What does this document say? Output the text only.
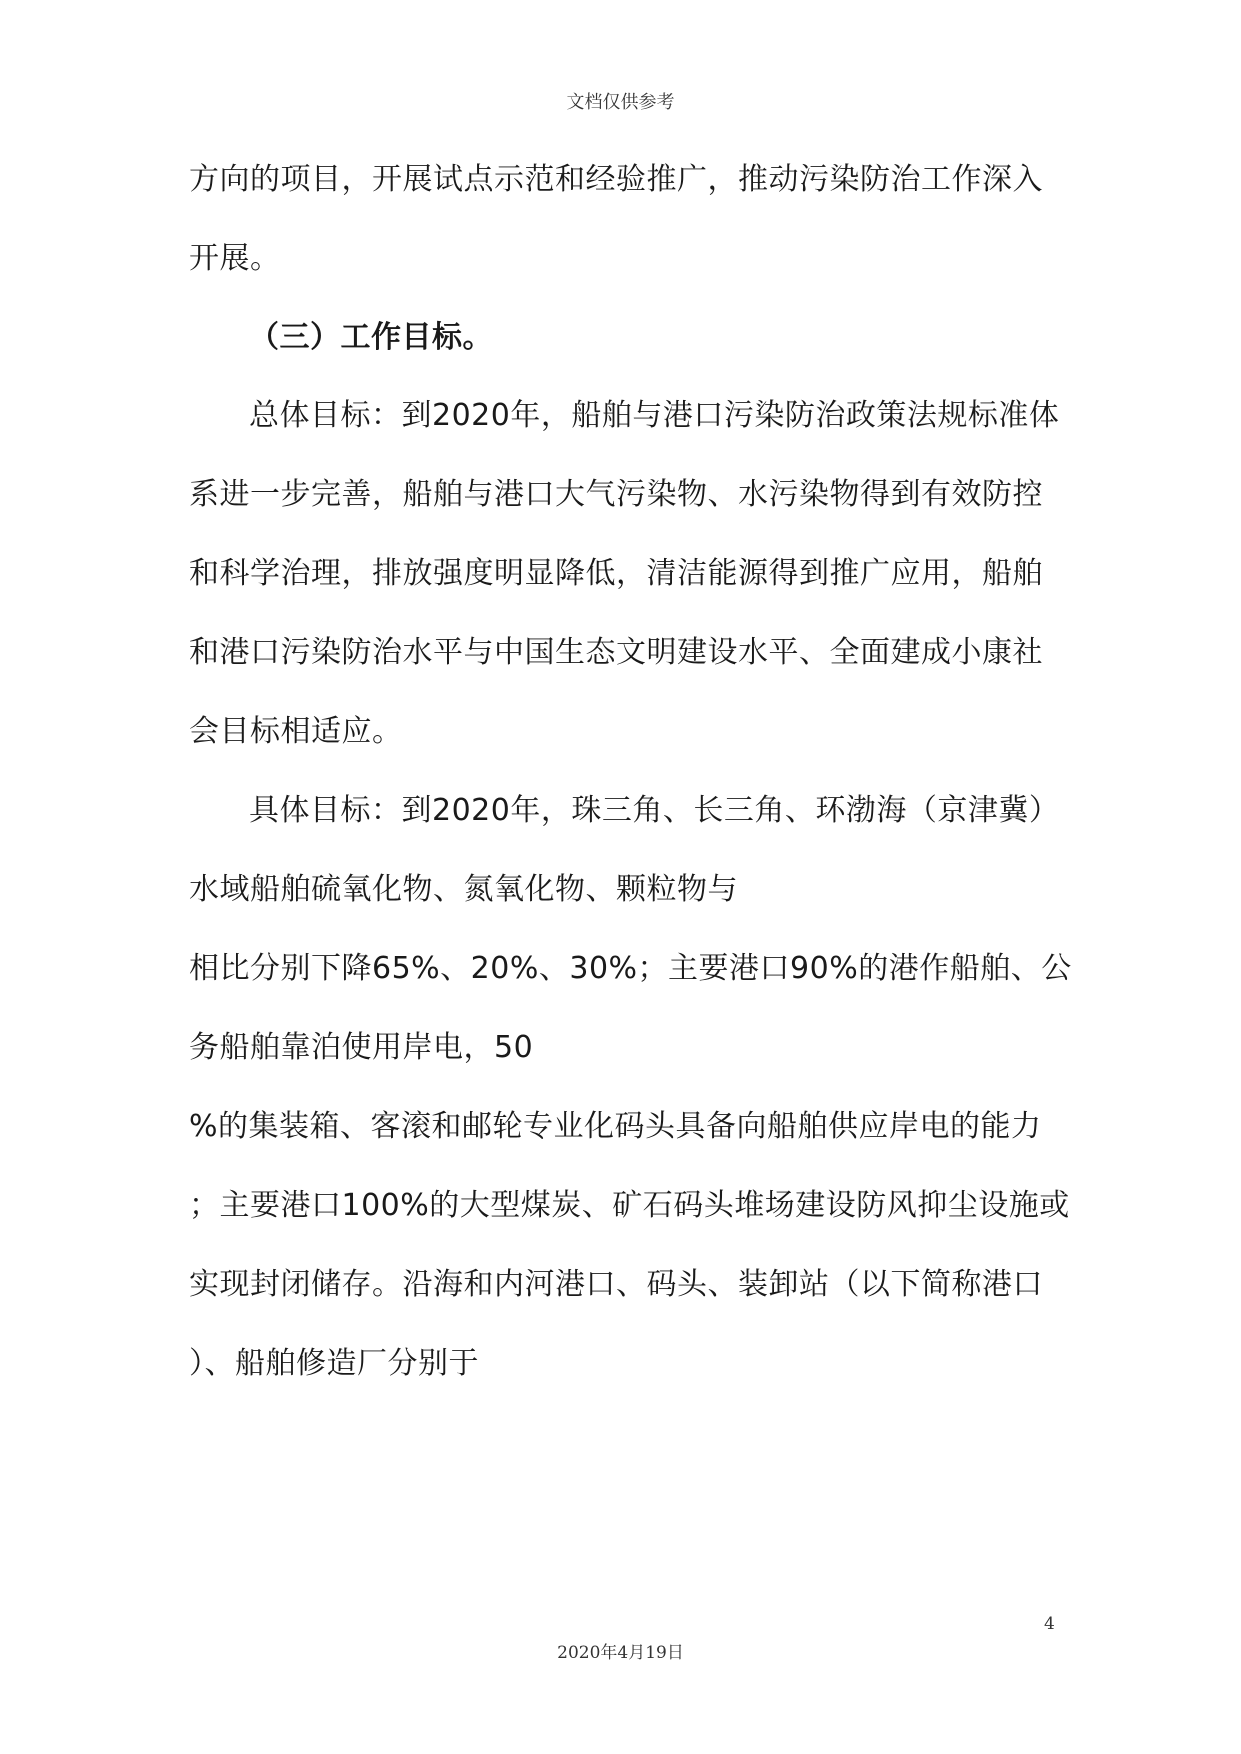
文档仅供参考
方向的项目，开展试点示范和经验推广，推动污染防治工作深入
开展。
（三）工作目标。
总体目标：到2020年，船舶与港口污染防治政策法规标准体
系进一步完善，船舶与港口大气污染物、水污染物得到有效防控
和科学治理，排放强度明显降低，清洁能源得到推广应用，船舶
和港口污染防治水平与中国生态文明建设水平、全面建成小康社
会目标相适应。
具体目标：到2020年，珠三角、长三角、环渤海（京津冀）
水域船舶硫氧化物、氮氧化物、颗粒物与
相比分别下降65%、20%、30%；主要港口90%的港作船舶、公
务船舶靠泊使用岸电，50
%的集装箱、客滚和邮轮专业化码头具备向船舶供应岸电的能力
；主要港口100%的大型煤炭、矿石码头堆场建设防风抑尘设施或
实现封闭储存。沿海和内河港口、码头、装卸站（以下简称港口
）、船舶修造厂分别于
4
2020年4月19日
